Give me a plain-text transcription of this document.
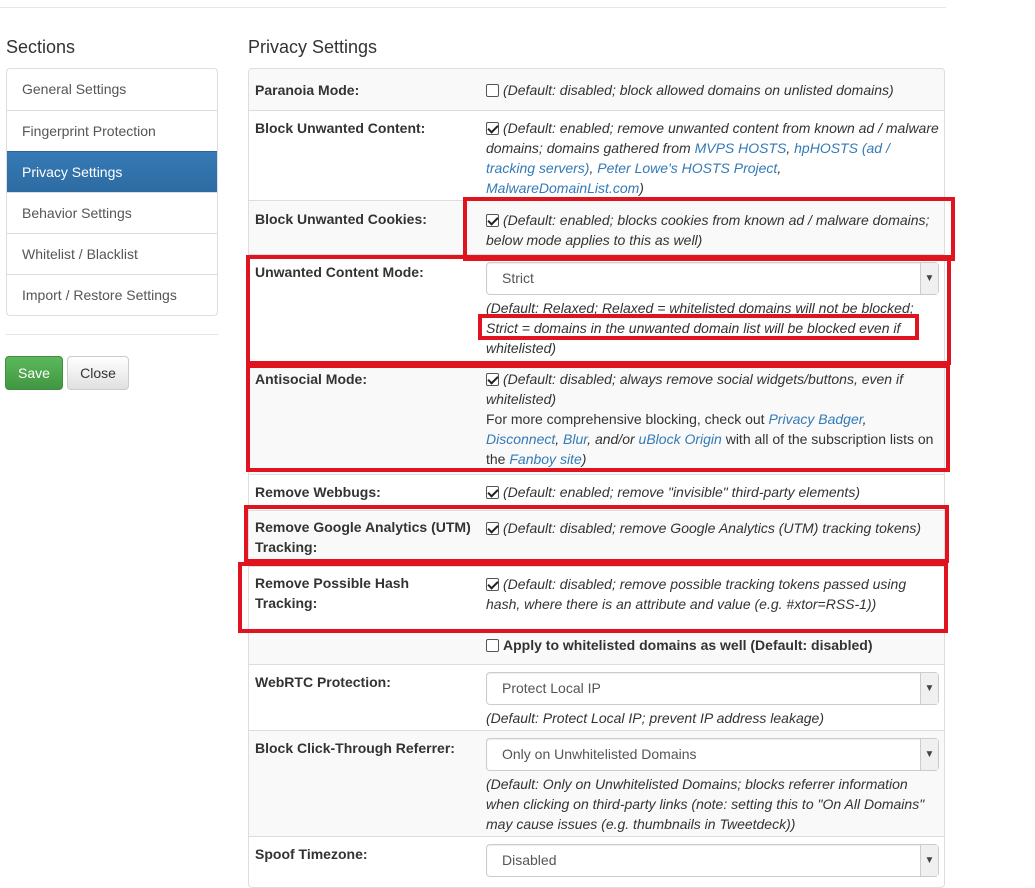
Sections
General Settings
Fingerprint Protection
Privacy Settings
Behavior Settings
Whitelist / Blacklist
Import / Restore Settings
Save	Close
Privacy Settings
Paranoia Mode:	(Default: disabled; block allowed domains on unlisted domains)
Block Unwanted Content:	(Default: enabled; remove unwanted content from known ad / malware domains; domains gathered from MVPS HOSTS, hpHOSTS (ad / tracking servers), Peter Lowe's HOSTS Project, MalwareDomainList.com)
Block Unwanted Cookies:	(Default: enabled; blocks cookies from known ad / malware domains; below mode applies to this as well)
Unwanted Content Mode:	Strict	▼
(Default: Relaxed; Relaxed = whitelisted domains will not be blocked; Strict = domains in the unwanted domain list will be blocked even if whitelisted)
Antisocial Mode:	(Default: disabled; always remove social widgets/buttons, even if whitelisted)
For more comprehensive blocking, check out Privacy Badger, Disconnect, Blur, and/or uBlock Origin with all of the subscription lists on the Fanboy site)
Remove Webbugs:	(Default: enabled; remove "invisible" third-party elements)
Remove Google Analytics (UTM) Tracking:
(Default: disabled; remove Google Analytics (UTM) tracking tokens)
Remove Possible Hash Tracking:
(Default: disabled; remove possible tracking tokens passed using hash, where there is an attribute and value (e.g. #xtor=RSS-1))
Apply to whitelisted domains as well (Default: disabled)
WebRTC Protection:	Protect Local IP	▼
(Default: Protect Local IP; prevent IP address leakage)
Block Click-Through Referrer:	Only on Unwhitelisted Domains	▼
(Default: Only on Unwhitelisted Domains; blocks referrer information when clicking on third-party links (note: setting this to "On All Domains" may cause issues (e.g. thumbnails in Tweetdeck))
Spoof Timezone:	Disabled	▼
